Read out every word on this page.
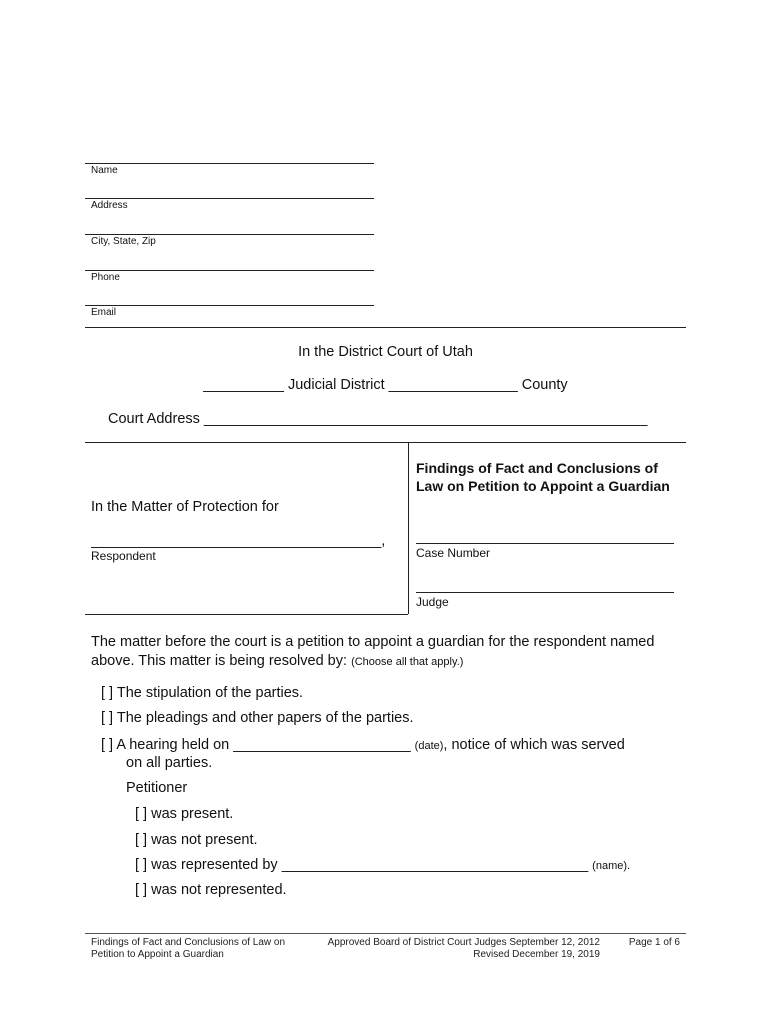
Name
Address
City, State, Zip
Phone
Email
In the District Court of Utah
__________ Judicial District ________________ County
Court Address _______________________________________________________
In the Matter of Protection for
____________________________________,
Respondent
Findings of Fact and Conclusions of Law on Petition to Appoint a Guardian
Case Number
Judge
The matter before the court is a petition to appoint a guardian for the respondent named above. This matter is being resolved by: (Choose all that apply.)
[ ] The stipulation of the parties.
[ ] The pleadings and other papers of the parties.
[ ] A hearing held on ______________________ (date), notice of which was served
on all parties.
Petitioner
[ ] was present.
[ ] was not present.
[ ] was represented by ______________________________________ (name).
[ ] was not represented.
Findings of Fact and Conclusions of Law on
Petition to Appoint a Guardian
Approved Board of District Court Judges September 12, 2012
Revised December 19, 2019
Page 1 of 6
